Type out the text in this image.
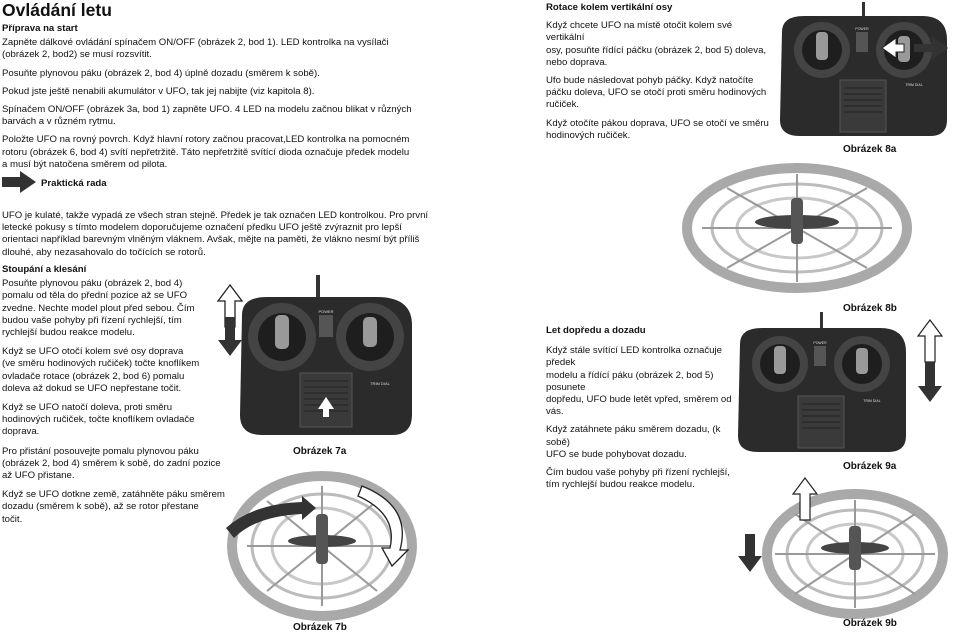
Ovládání letu

Příprava na start

Zapněte dálkové ovládání spínačem ON/OFF (obrázek 2, bod 1). LED kontrolka na vysílači

(obrázek 2, bod2) se musí rozsvítit.

Posuňte plynovou páku (obrázek 2, bod 4) úplně dozadu (směrem k sobě).

Pokud jste ještě nenabili akumulátor v UFO, tak jej nabijte (viz kapitola 8).

Spínačem ON/OFF (obrázek 3a, bod 1) zapněte UFO. 4 LED na modelu začnou blikat v různých

barvách a v různém rytmu.

Položte UFO na rovný povrch. Když hlavní rotory začnou pracovat,LED kontrolka na pomocném

rotoru (obrázek 6, bod 4) svítí nepřetržitě. Táto nepřetržitě svítící dioda označuje předek modelu

a musí být natočena směrem od pilota.

Praktická rada

UFO je kulaté, takže vypadá ze všech stran stejně. Předek je tak označen LED kontrolkou. Pro první

letecké pokusy s tímto modelem doporučujeme označení předku UFO ještě zvýraznit pro lepší

orientaci například barevným vlněným vláknem. Avšak, mějte na paměti, že vlákno nesmí být příliš

dlouhé, aby nezasahovalo do točících se rotorů.

Stoupání a klesání

Posuňte plynovou páku (obrázek 2, bod 4)

pomalu od těla do přední pozice až se UFO

zvedne. Nechte model plout před sebou. Čím

budou vaše pohyby při řízení rychlejší, tím

rychlejší budou reakce modelu.

Když se UFO otočí kolem své osy doprava

(ve směru hodinových ručiček) točte knoflíkem

ovladače rotace (obrázek 2, bod 6) pomalu

doleva až dokud se UFO nepřestane točit.

Když se UFO natočí doleva, proti směru

hodinových ručiček, točte knoflíkem ovladače

doprava.

Pro přistání posouvejte pomalu plynovou páku

(obrázek 2, bod 4) směrem k sobě, do zadní pozice

až UFO přistane.

Když se UFO dotkne země, zatáhněte páku směrem

dozadu (směrem k sobě), až se rotor přestane

točit.

POWER
TRIM DIAL
Obrázek 7a
Obrázek 7b

Rotace kolem vertikální osy

Když chcete UFO na místě otočit kolem své vertikální

osy, posuňte řídící páčku (obrázek 2, bod 5) doleva,

nebo doprava.

Ufo bude následovat pohyb páčky. Když natočíte

páčku doleva, UFO se otočí proti směru hodinových

ručiček.

Když otočíte pákou doprava, UFO se otočí ve směru

hodinových ručiček.

POWER
TRIM DIAL
Obrázek 8a
Obrázek 8b

Let dopředu a dozadu

Když stále svítící LED kontrolka označuje předek

modelu a řídící páku (obrázek 2, bod 5) posunete

dopředu, UFO bude letět vpřed, směrem od vás.

Když zatáhnete páku směrem dozadu, (k sobě)

UFO se bude pohybovat dozadu.

Čím budou vaše pohyby při řízení rychlejší,

tím rychlejší budou reakce modelu.

POWER
TRIM DIAL
Obrázek 9a
Obrázek 9b
